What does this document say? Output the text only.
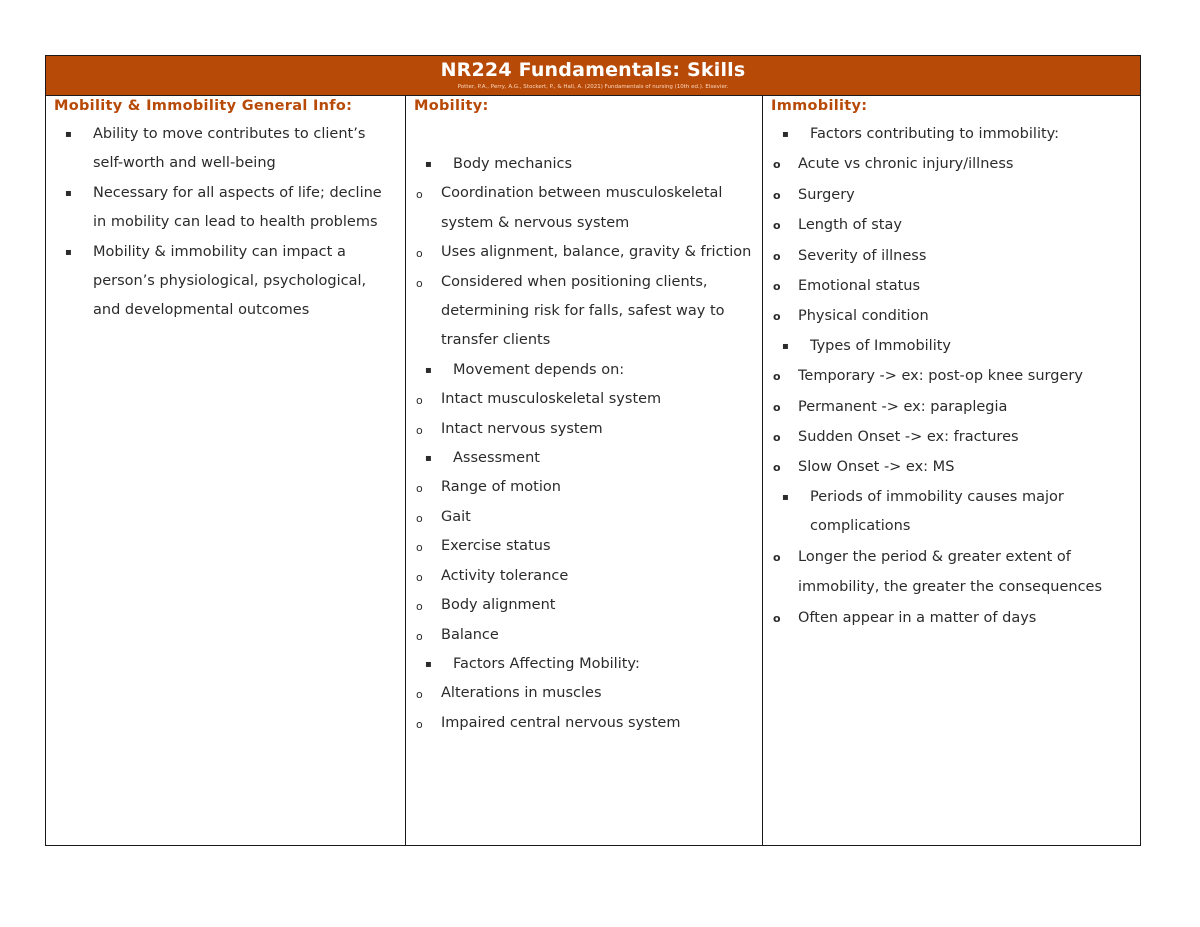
NR224 Fundamentals: Skills
Potter, P.A., Perry, A.G., Stockert, P., & Hall, A. (2021) Fundamentals of nursing (10th ed.). Elsevier.
Mobility & Immobility General Info:
▪ Ability to move contributes to client’s self-worth and well-being
▪ Necessary for all aspects of life; decline in mobility can lead to health problems
▪ Mobility & immobility can impact a person’s physiological, psychological, and developmental outcomes
Mobility:
▪ Body mechanics
o Coordination between musculoskeletal system & nervous system
o Uses alignment, balance, gravity & friction
o Considered when positioning clients, determining risk for falls, safest way to transfer clients
▪ Movement depends on:
o Intact musculoskeletal system
o Intact nervous system
▪ Assessment
o Range of motion
o Gait
o Exercise status
o Activity tolerance
o Body alignment
o Balance
▪ Factors Affecting Mobility:
o Alterations in muscles
o Impaired central nervous system
Immobility:
▪ Factors contributing to immobility:
o Acute vs chronic injury/illness
o Surgery
o Length of stay
o Severity of illness
o Emotional status
o Physical condition
▪ Types of Immobility
o Temporary -> ex: post-op knee surgery
o Permanent -> ex: paraplegia
o Sudden Onset -> ex: fractures
o Slow Onset -> ex: MS
▪ Periods of immobility causes major complications
o Longer the period & greater extent of immobility, the greater the consequences
o Often appear in a matter of days
